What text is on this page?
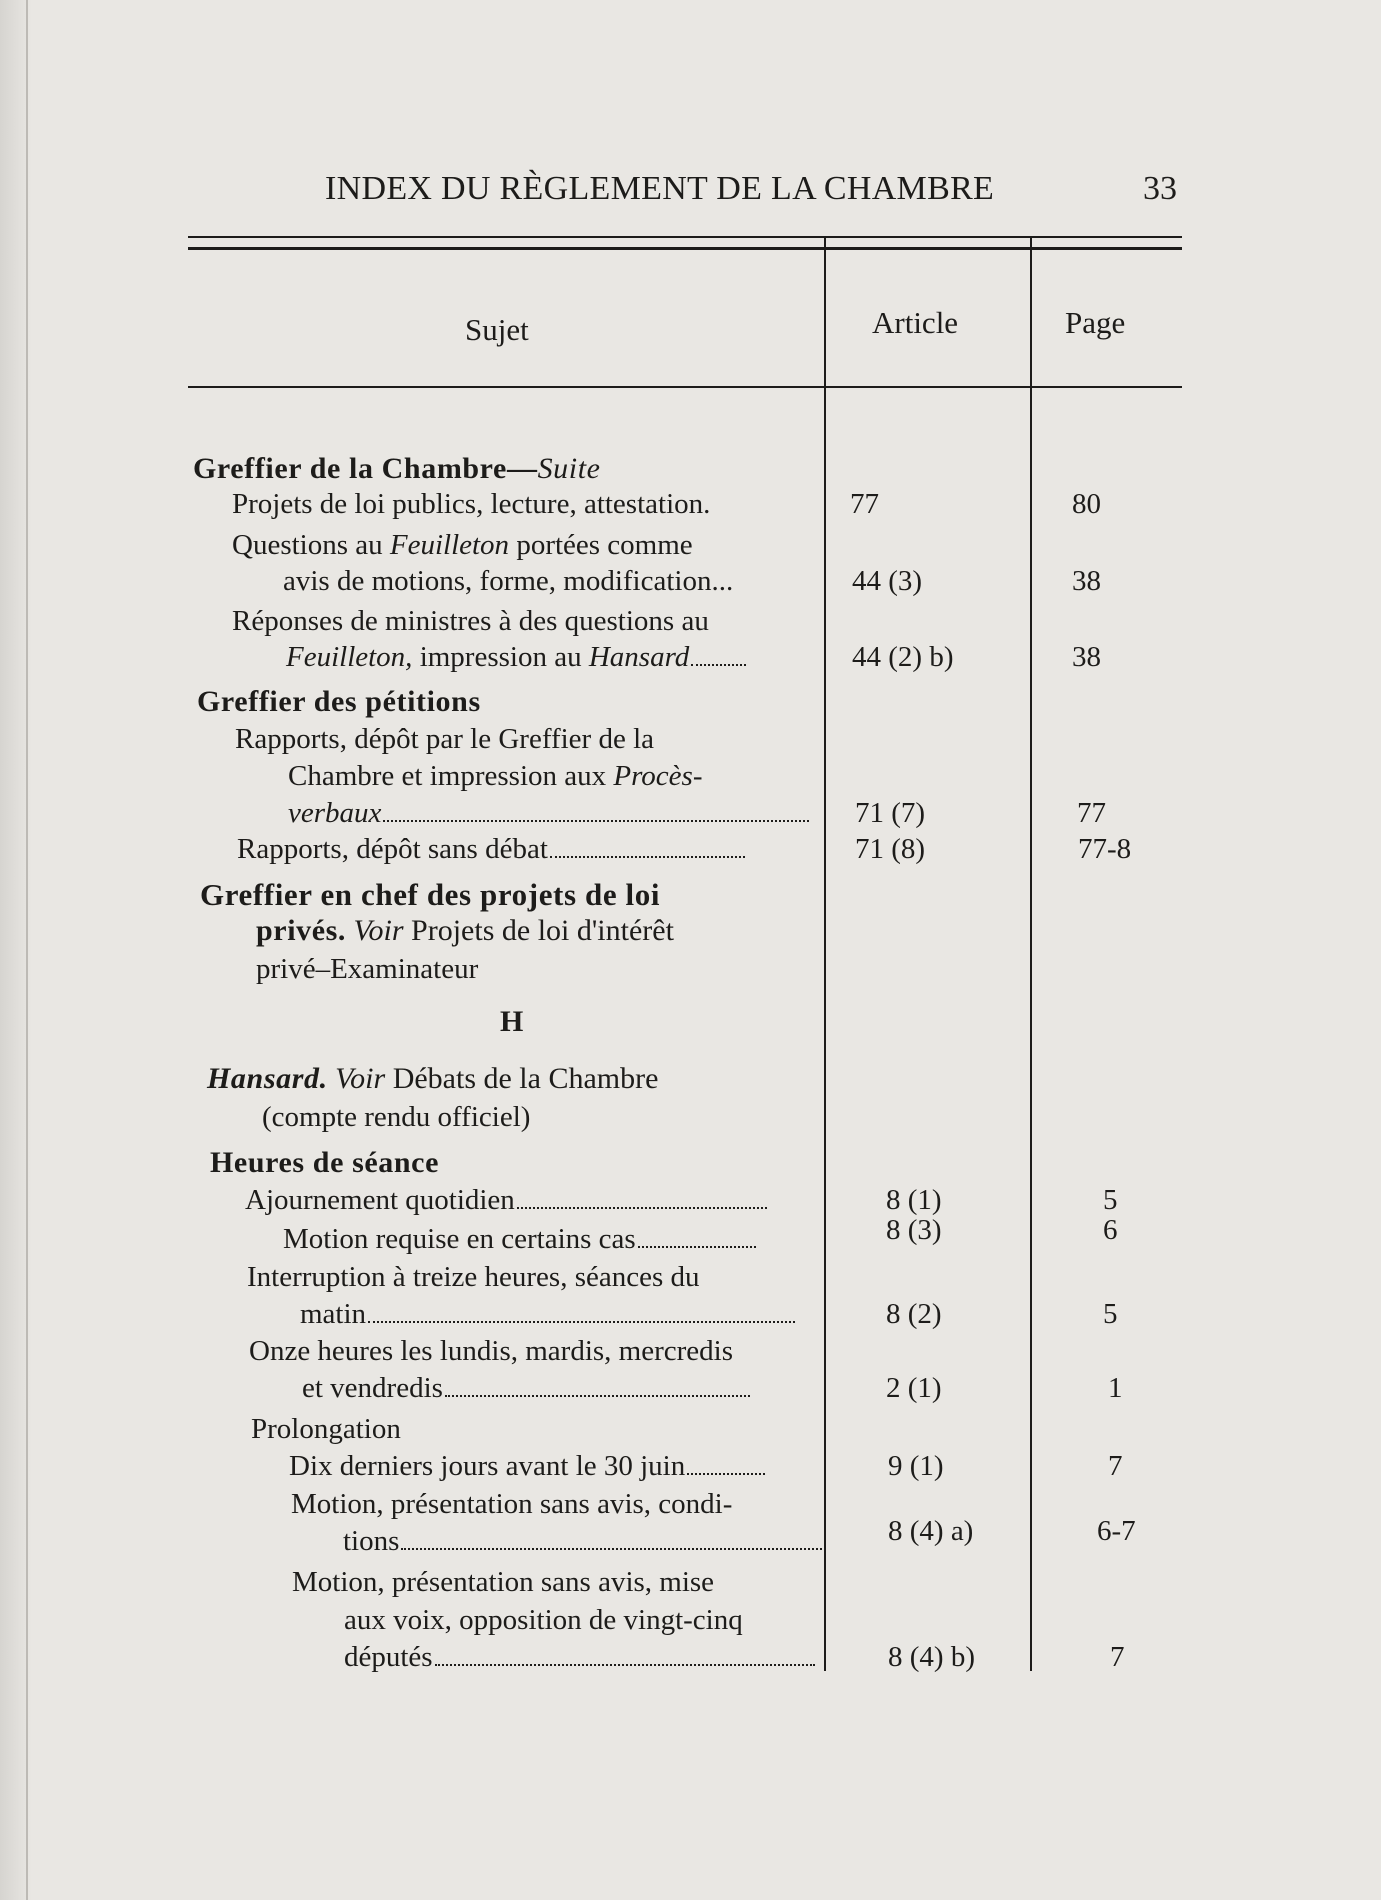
INDEX DU RÈGLEMENT DE LA CHAMBRE	33
Sujet	Article	Page
Greffier de la Chambre—Suite
Projets de loi publics, lecture, attestation.	77	80
Questions au Feuilleton portées comme
avis de motions, forme, modification...	44 (3)	38
Réponses de ministres à des questions au
Feuilleton, impression au Hansard	44 (2) b)	38
Greffier des pétitions
Rapports, dépôt par le Greffier de la
Chambre et impression aux Procès-
verbaux	71 (7)	77
Rapports, dépôt sans débat	71 (8)	77-8
Greffier en chef des projets de loi
privés. Voir Projets de loi d'intérêt
privé–Examinateur
H
Hansard. Voir Débats de la Chambre
(compte rendu officiel)
Heures de séance
Ajournement quotidien	8 (1)	5
Motion requise en certains cas	8 (3)	6
Interruption à treize heures, séances du
matin	8 (2)	5
Onze heures les lundis, mardis, mercredis
et vendredis	2 (1)	1
Prolongation
Dix derniers jours avant le 30 juin	9 (1)	7
Motion, présentation sans avis, condi-
tions	8 (4) a)	6-7
Motion, présentation sans avis, mise
aux voix, opposition de vingt-cinq
députés	8 (4) b)	7
